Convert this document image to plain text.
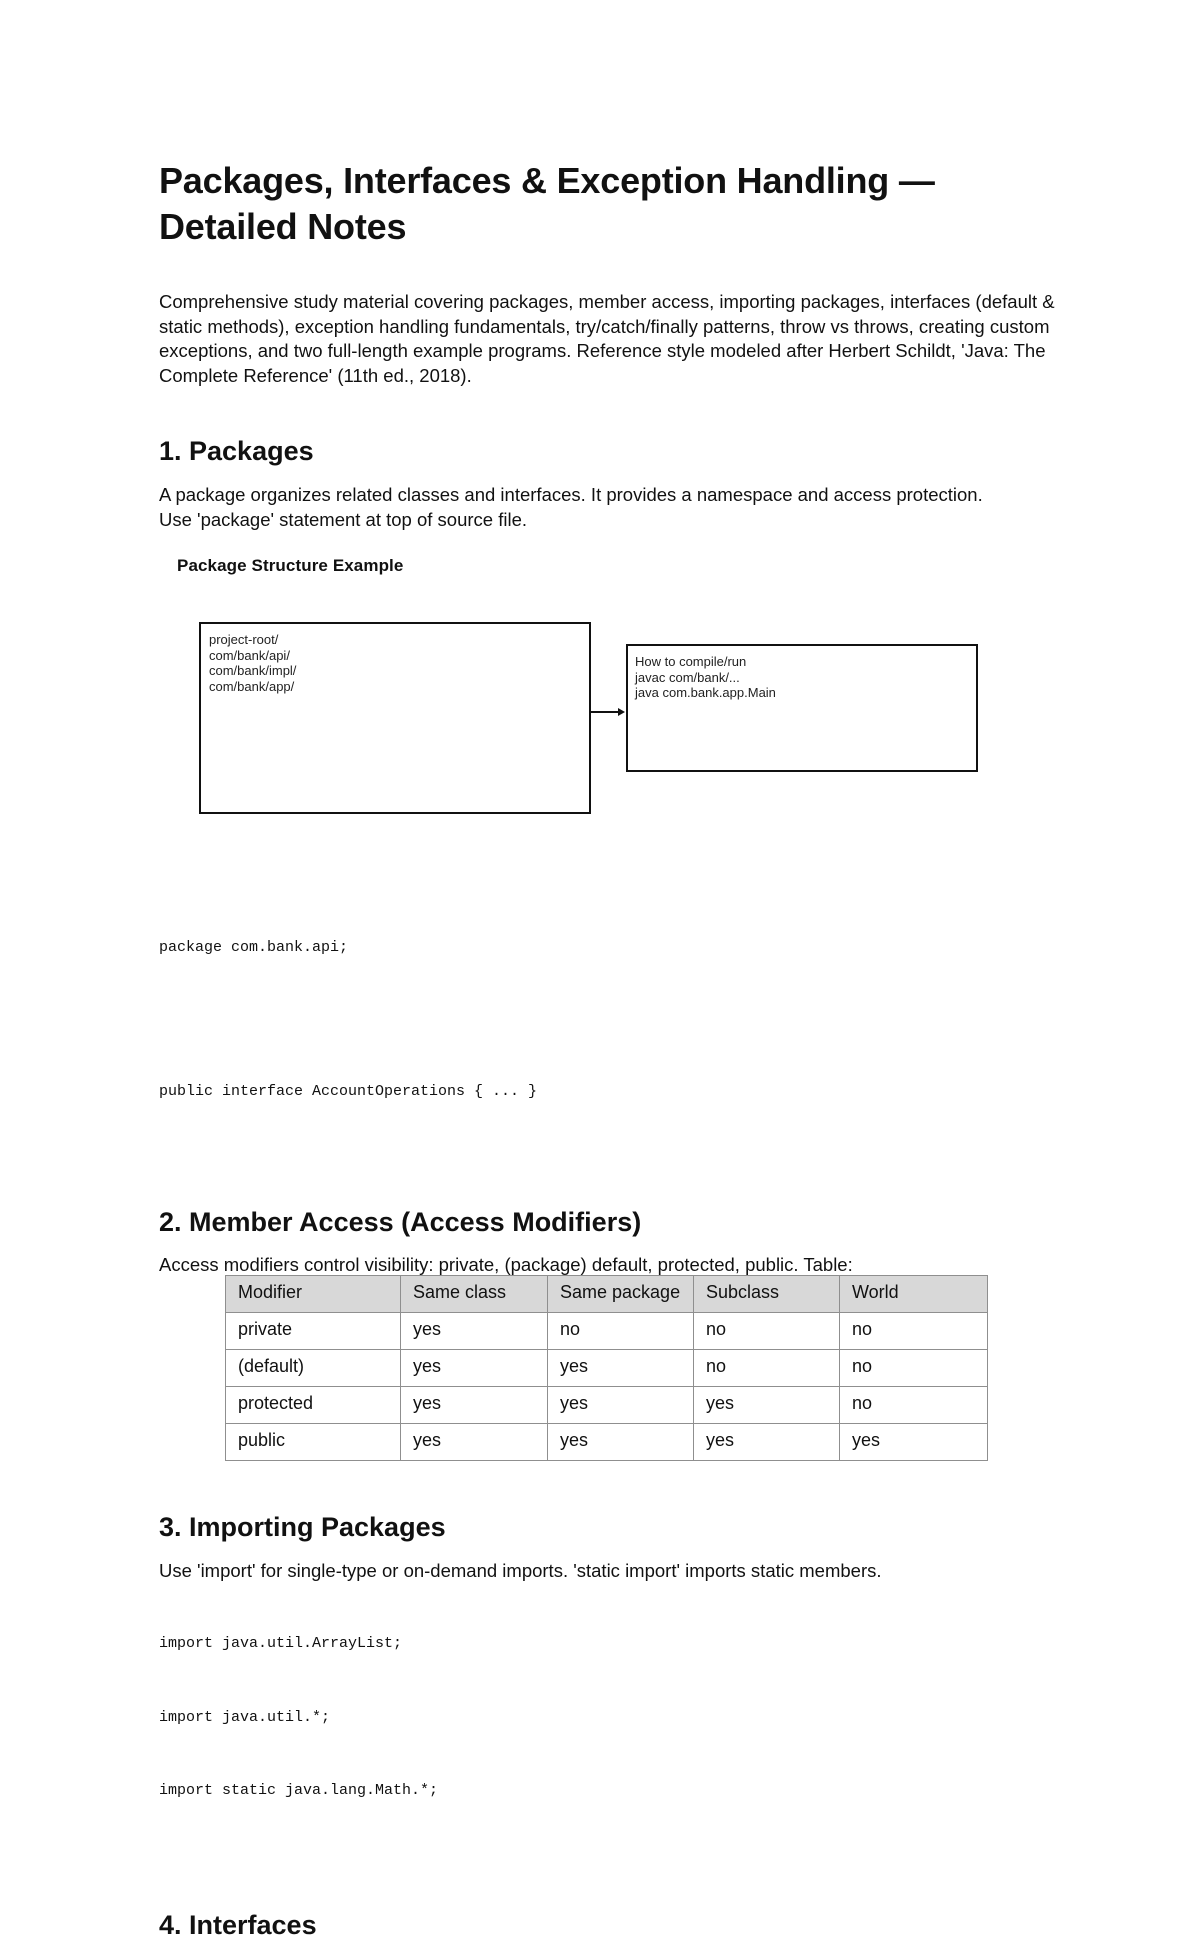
Packages, Interfaces & Exception Handling — Detailed Notes

Comprehensive study material covering packages, member access, importing packages, interfaces (default & static methods), exception handling fundamentals, try/catch/finally patterns, throw vs throws, creating custom exceptions, and two full-length example programs. Reference style modeled after Herbert Schildt, 'Java: The Complete Reference' (11th ed., 2018).

1. Packages

A package organizes related classes and interfaces. It provides a namespace and access protection. Use 'package' statement at top of source file.

Package Structure Example
project-root/
com/bank/api/
com/bank/impl/
com/bank/app/
How to compile/run
javac com/bank/...
java com.bank.app.Main

package com.bank.api;

public interface AccountOperations { ... }

2. Member Access (Access Modifiers)

Access modifiers control visibility: private, (package) default, protected, public. Table:

Modifier	Same class	Same package	Subclass	World
private	yes	no	no	no
(default)	yes	yes	no	no
protected	yes	yes	yes	no
public	yes	yes	yes	yes
3. Importing Packages

Use 'import' for single-type or on-demand imports. 'static import' imports static members.

import java.util.ArrayList;

import java.util.*;

import static java.lang.Math.*;

4. Interfaces
